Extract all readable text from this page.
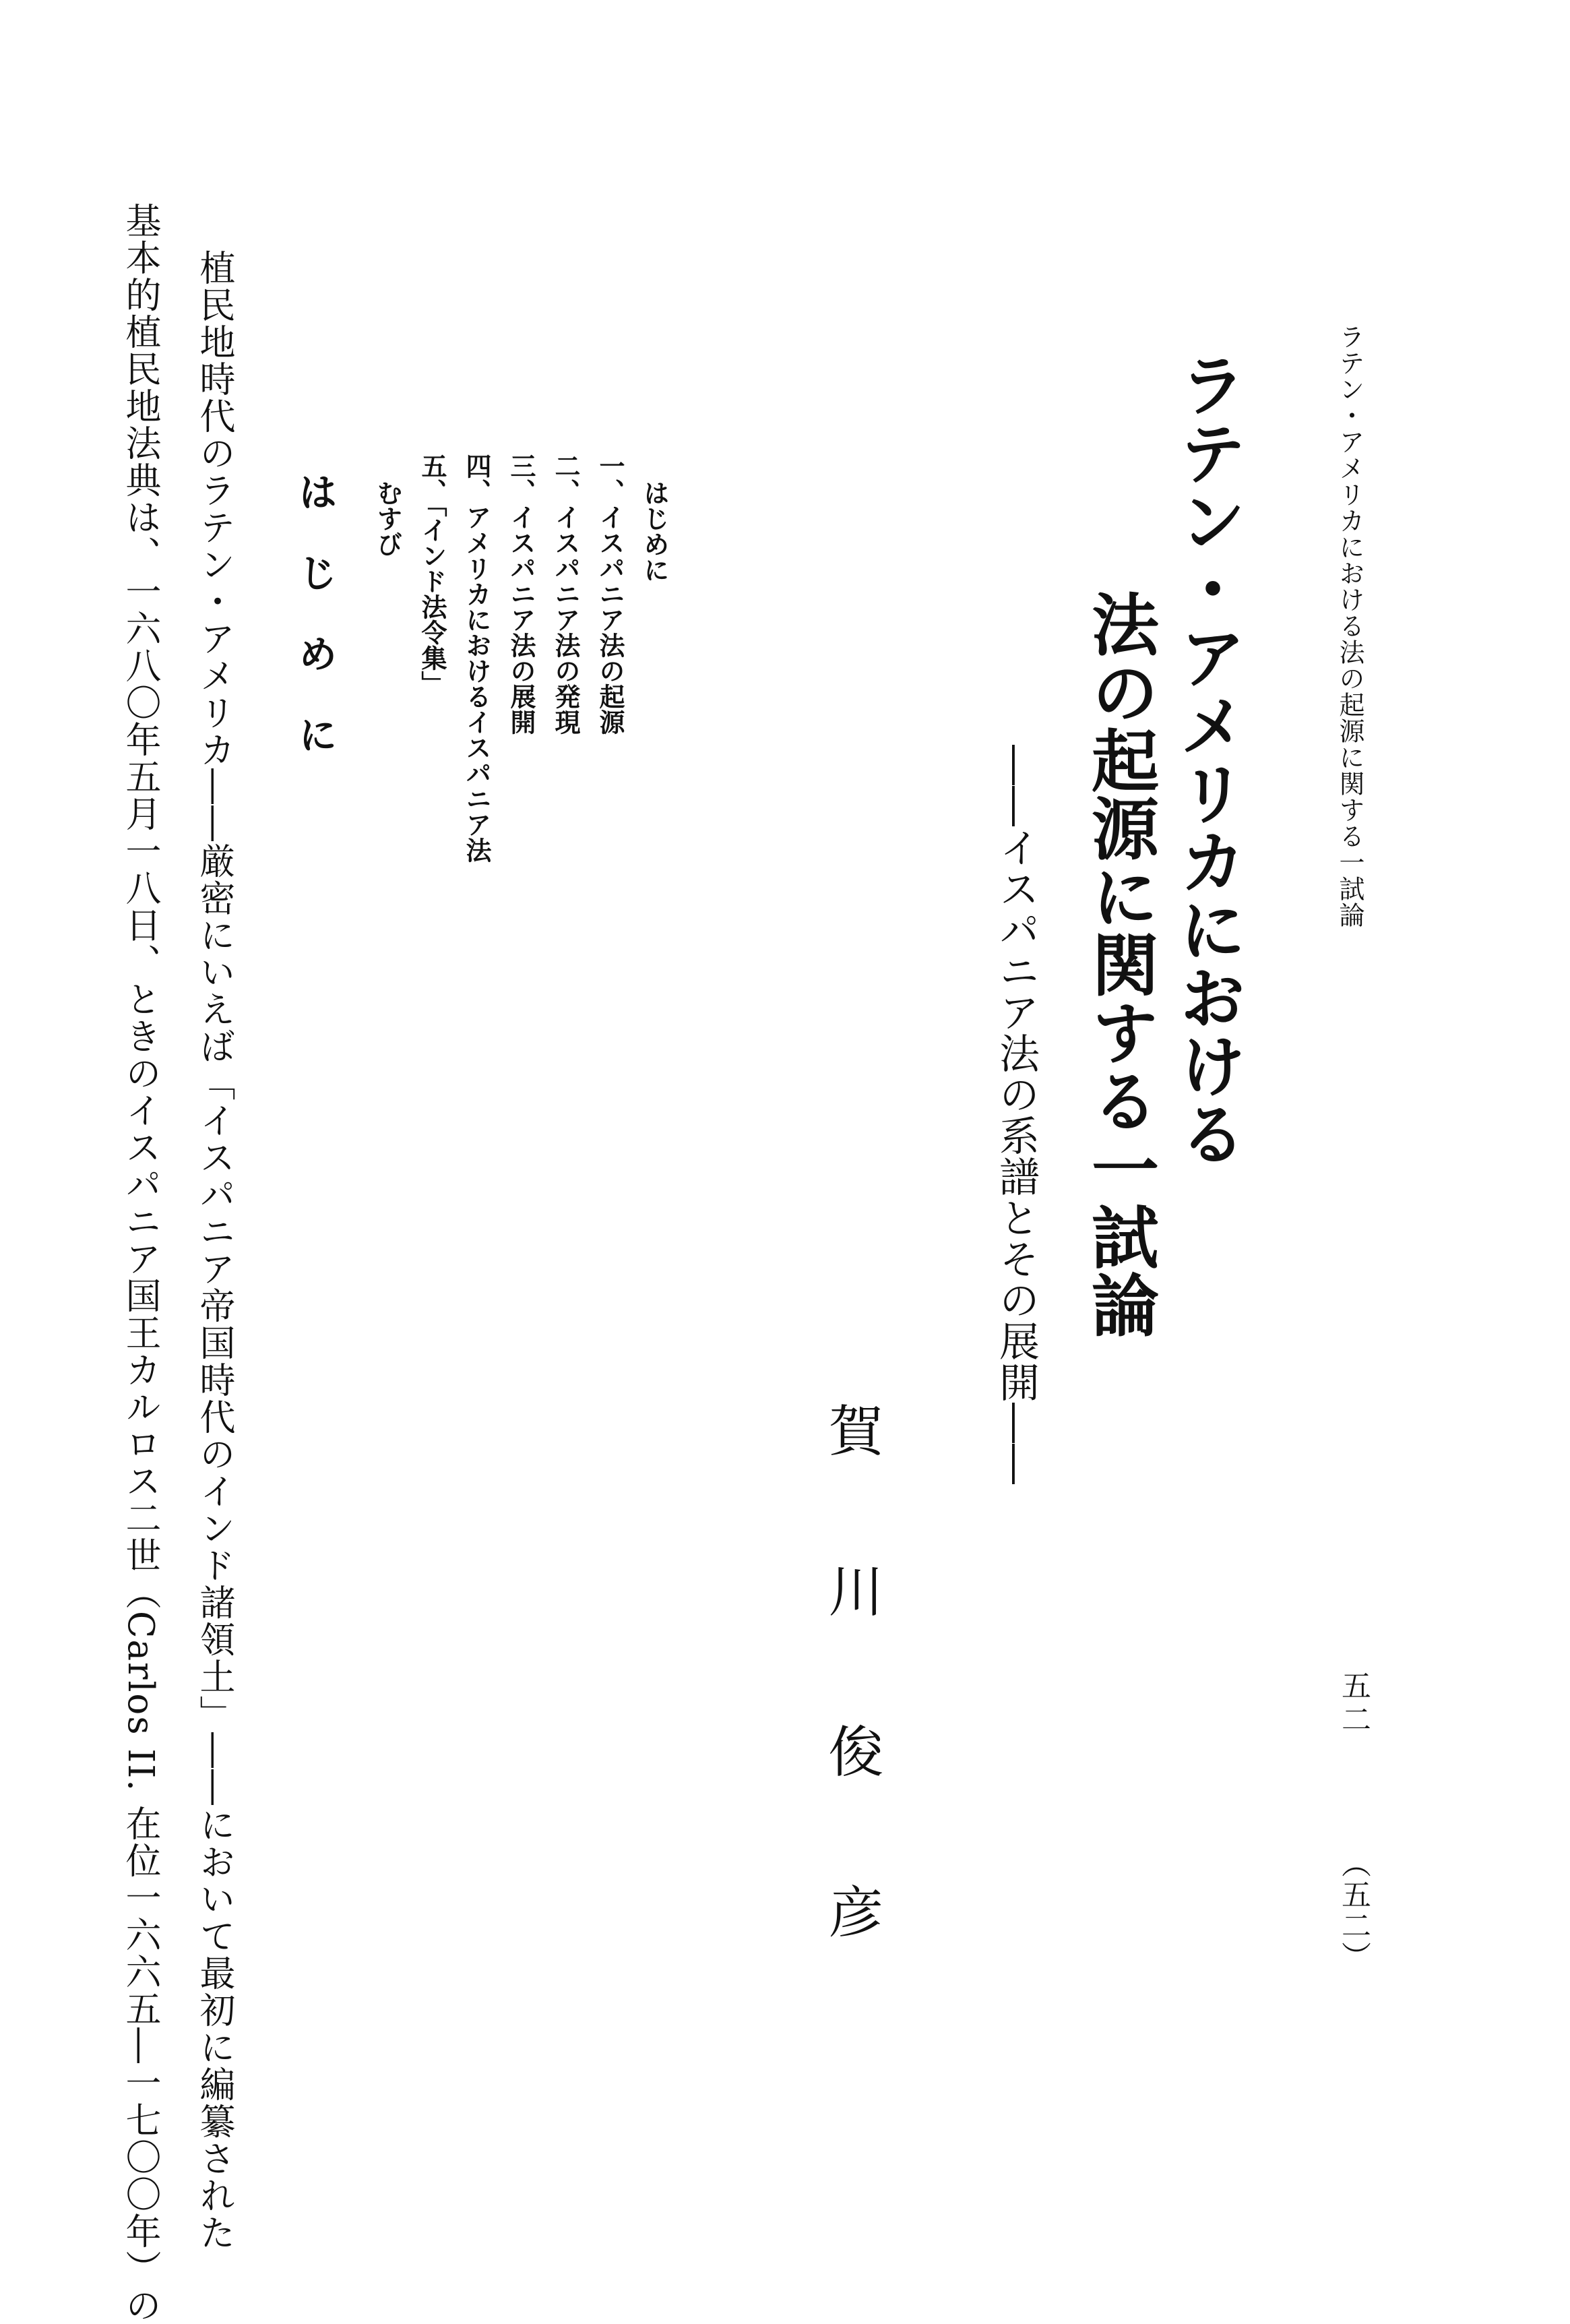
ラテン・アメリカにおける法の起源に関する一試論

五二

（五二）

ラテン・アメリカにおける
法の起源に関する一試論

――イスパニア法の系譜とその展開――

賀川俊彦

はじめに
一、イスパニア法の起源
二、イスパニア法の発現
三、イスパニア法の展開
四、アメリカにおけるイスパニア法
五、「インド法令集」
むすび
はじめに

植民地時代のラテン・アメリカ――厳密にいえば「イスパニア帝国時代のインド諸領土」――において最初に編纂された

基本的植民地法典は、一六八〇年五月一八日、ときのイスパニア国王カルロス二世（Carlos II. 在位一六六五―一七〇〇年）の
